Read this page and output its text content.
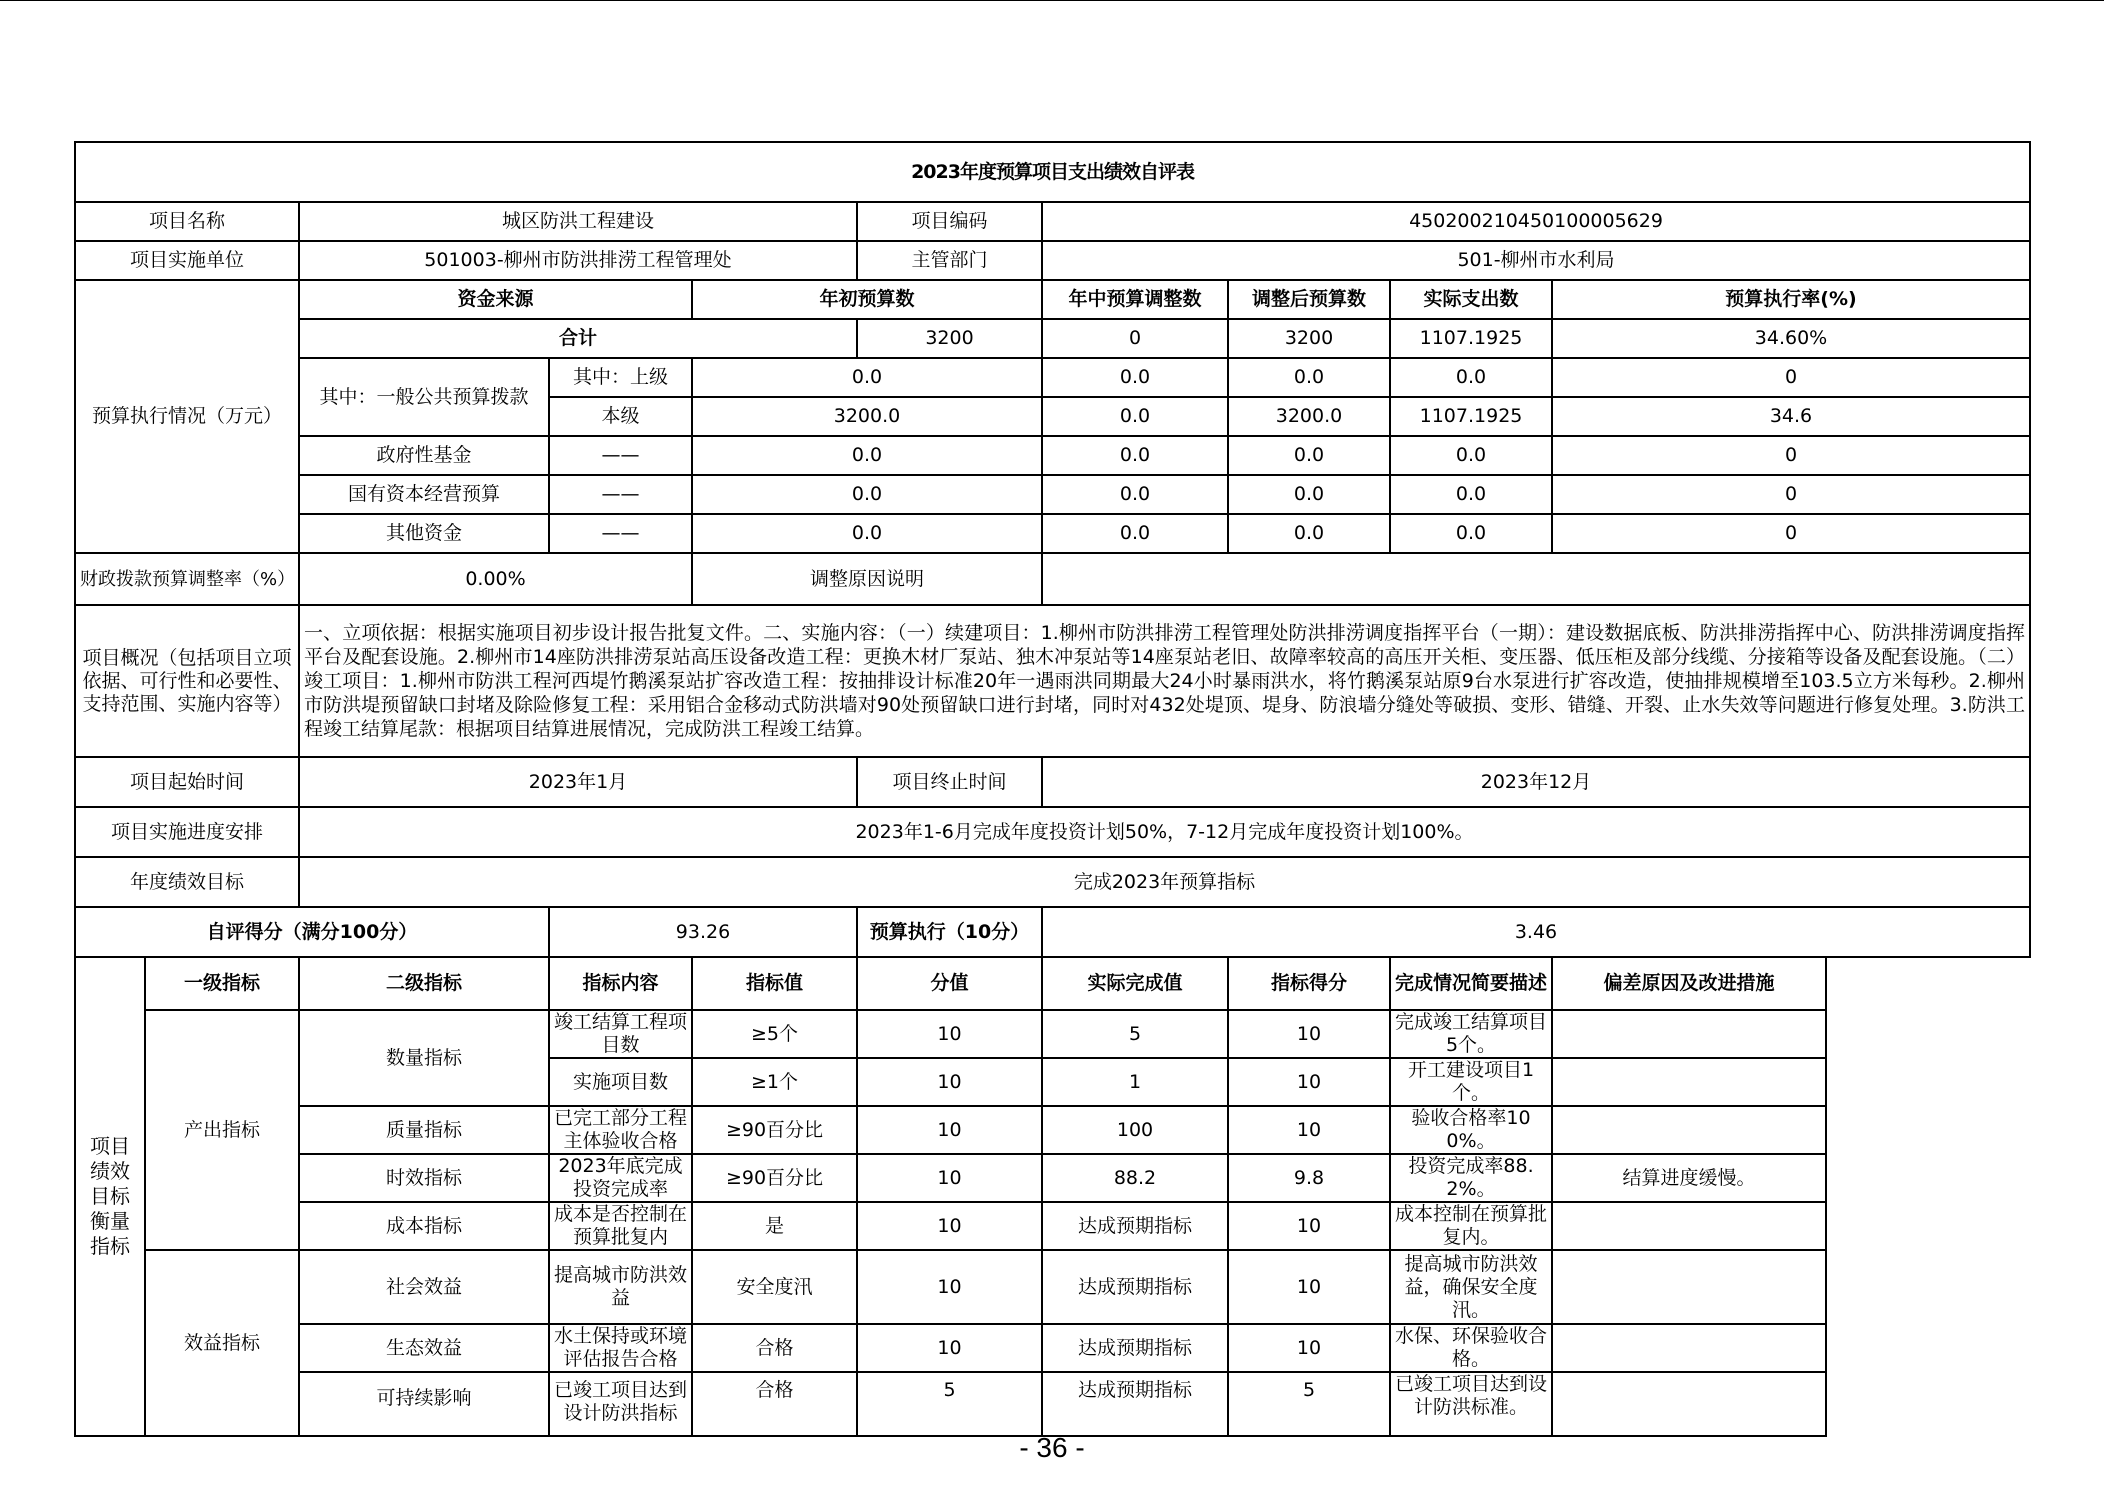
2023年度预算项目支出绩效自评表									
项目名称		城区防洪工程建设			项目编码	450200210450100005629			
项目实施单位		501003-柳州市防洪排涝工程管理处			主管部门	501-柳州市水利局			
预算执行情况（万元）		资金来源		年初预算数		年中预算调整数	调整后预算数	实际支出数	预算执行率(%)
		合计			3200	0	3200	1107.1925	34.60%
		其中：一般公共预算拨款	其中：上级	0.0		0.0	0.0	0.0	0
			本级	3200.0		0.0	3200.0	1107.1925	34.6
		政府性基金	——	0.0		0.0	0.0	0.0	0
		国有资本经营预算	——	0.0		0.0	0.0	0.0	0
		其他资金	——	0.0		0.0	0.0	0.0	0
财政拨款预算调整率（%）		0.00%		调整原因说明					
项目概况（包括项目立项依据、可行性和必要性、支持范围、实施内容等）		一、立项依据：根据实施项目初步设计报告批复文件。二、实施内容：（一）续建项目：1.柳州市防洪排涝工程管理处防洪排涝调度指挥平台（一期）：建设数据底板、防洪排涝指挥中心、防洪排涝调度指挥平台及配套设施。2.柳州市14座防洪排涝泵站高压设备改造工程：更换木材厂泵站、独木冲泵站等14座泵站老旧、故障率较高的高压开关柜、变压器、低压柜及部分线缆、分接箱等设备及配套设施。（二）竣工项目：1.柳州市防洪工程河西堤竹鹅溪泵站扩容改造工程：按抽排设计标准20年一遇雨洪同期最大24小时暴雨洪水，将竹鹅溪泵站原9台水泵进行扩容改造，使抽排规模增至103.5立方米每秒。2.柳州市防洪堤预留缺口封堵及除险修复工程：采用铝合金移动式防洪墙对90处预留缺口进行封堵，同时对432处堤顶、堤身、防浪墙分缝处等破损、变形、错缝、开裂、止水失效等问题进行修复处理。3.防洪工程竣工结算尾款：根据项目结算进展情况，完成防洪工程竣工结算。							
项目起始时间		2023年1月			项目终止时间	2023年12月			
项目实施进度安排		2023年1-6月完成年度投资计划50%，7-12月完成年度投资计划100%。							
年度绩效目标		完成2023年预算指标							
自评得分（满分100分）			93.26		预算执行（10分）	3.46			
项目绩效目标衡量指标	一级指标	二级指标	指标内容	指标值	分值	实际完成值	指标得分	完成情况简要描述	偏差原因及改进措施
	产出指标	数量指标	竣工结算工程项目数	≥5个	10	5	10	完成竣工结算项目5个。	
			实施项目数	≥1个	10	1	10	开工建设项目1个。	
		质量指标	已完工部分工程主体验收合格	≥90百分比	10	100	10	验收合格率100%。	
		时效指标	2023年底完成投资完成率	≥90百分比	10	88.2	9.8	投资完成率88.2%。	结算进度缓慢。
		成本指标	成本是否控制在预算批复内	是	10	达成预期指标	10	成本控制在预算批复内。	
	效益指标	社会效益	提高城市防洪效益	安全度汛	10	达成预期指标	10	提高城市防洪效益，确保安全度汛。	
		生态效益	水土保持或环境评估报告合格	合格	10	达成预期指标	10	水保、环保验收合格。	
		可持续影响	已竣工项目达到设计防洪指标	合格	5	达成预期指标	5	已竣工项目达到设计防洪标准。	
- 36 -
